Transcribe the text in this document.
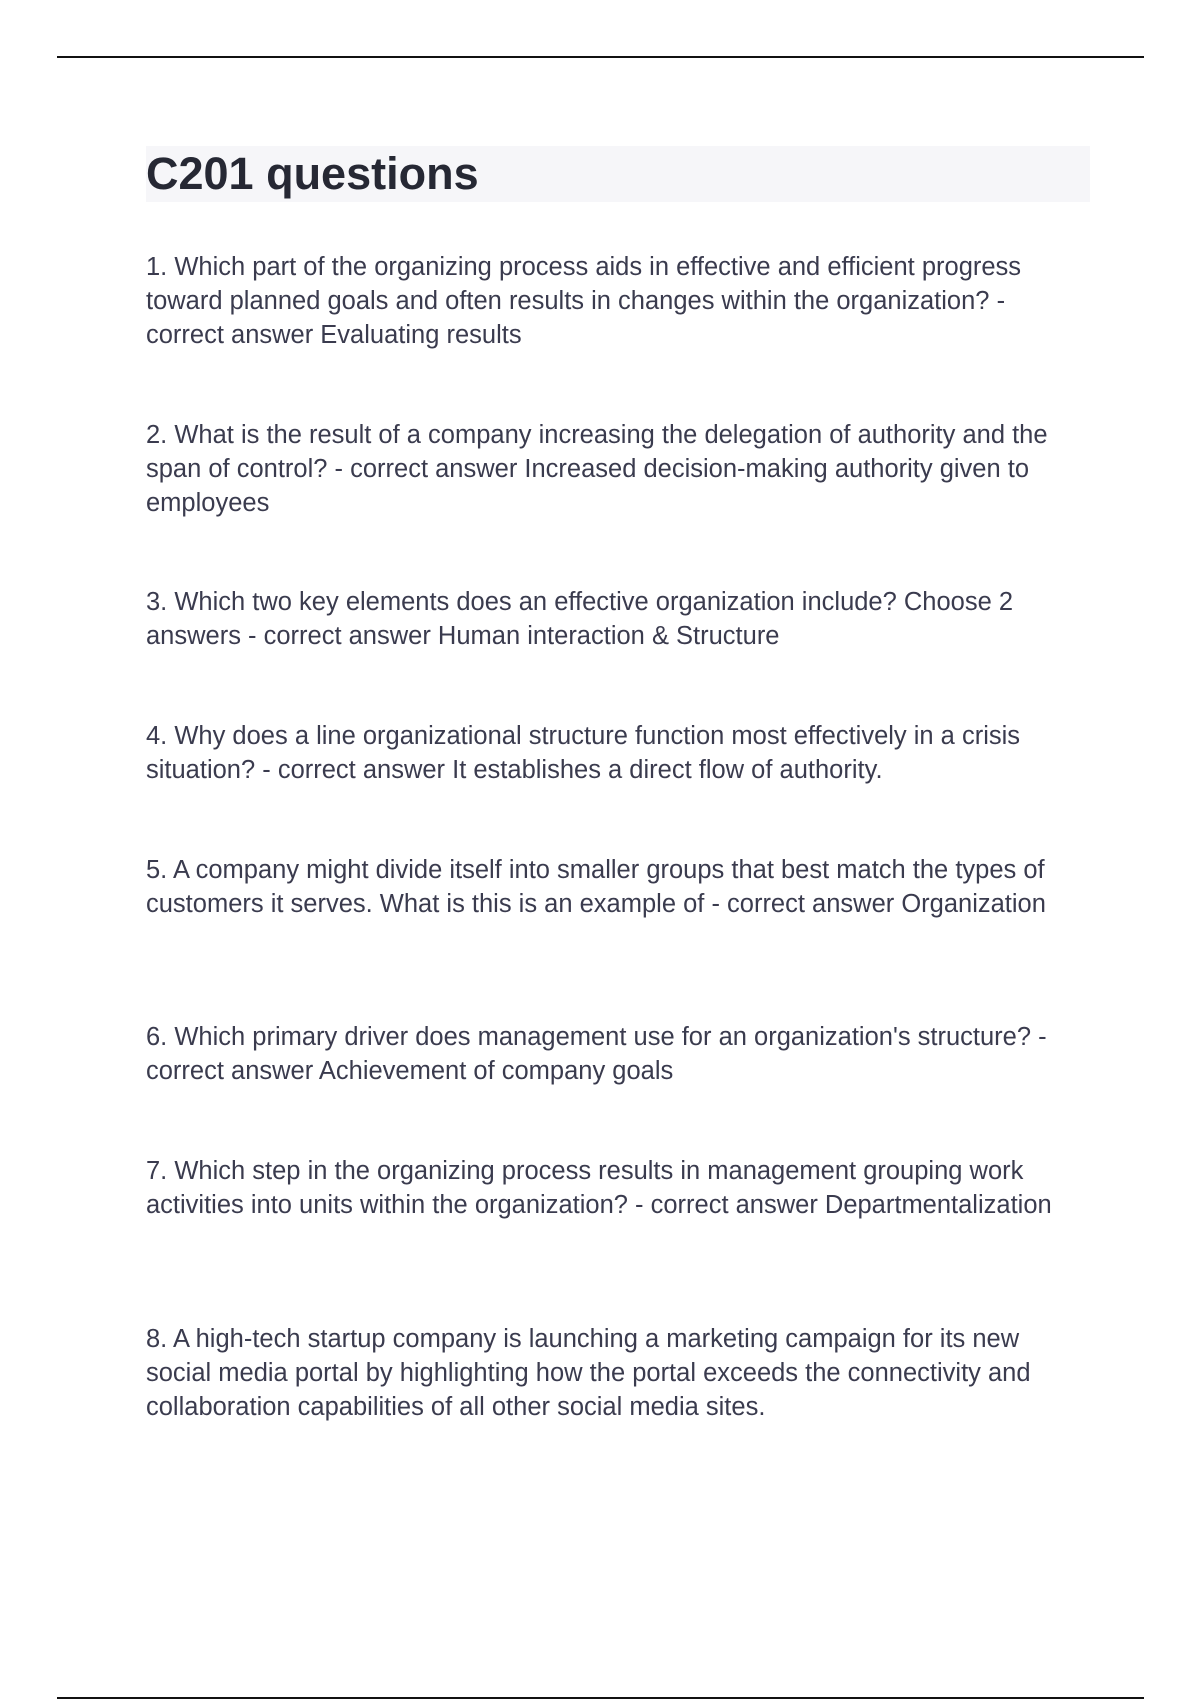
C201 questions
1. Which part of the organizing process aids in effective and efficient progress toward planned goals and often results in changes within the organization? - correct answer Evaluating results
2. What is the result of a company increasing the delegation of authority and the span of control? - correct answer Increased decision-making authority given to employees
3. Which two key elements does an effective organization include? Choose 2 answers - correct answer Human interaction & Structure
4. Why does a line organizational structure function most effectively in a crisis situation? - correct answer It establishes a direct flow of authority.
5. A company might divide itself into smaller groups that best match the types of customers it serves. What is this is an example of - correct answer Organization
6. Which primary driver does management use for an organization's structure? - correct answer Achievement of company goals
7. Which step in the organizing process results in management grouping work activities into units within the organization? - correct answer Departmentalization
8. A high-tech startup company is launching a marketing campaign for its new social media portal by highlighting how the portal exceeds the connectivity and collaboration capabilities of all other social media sites.
